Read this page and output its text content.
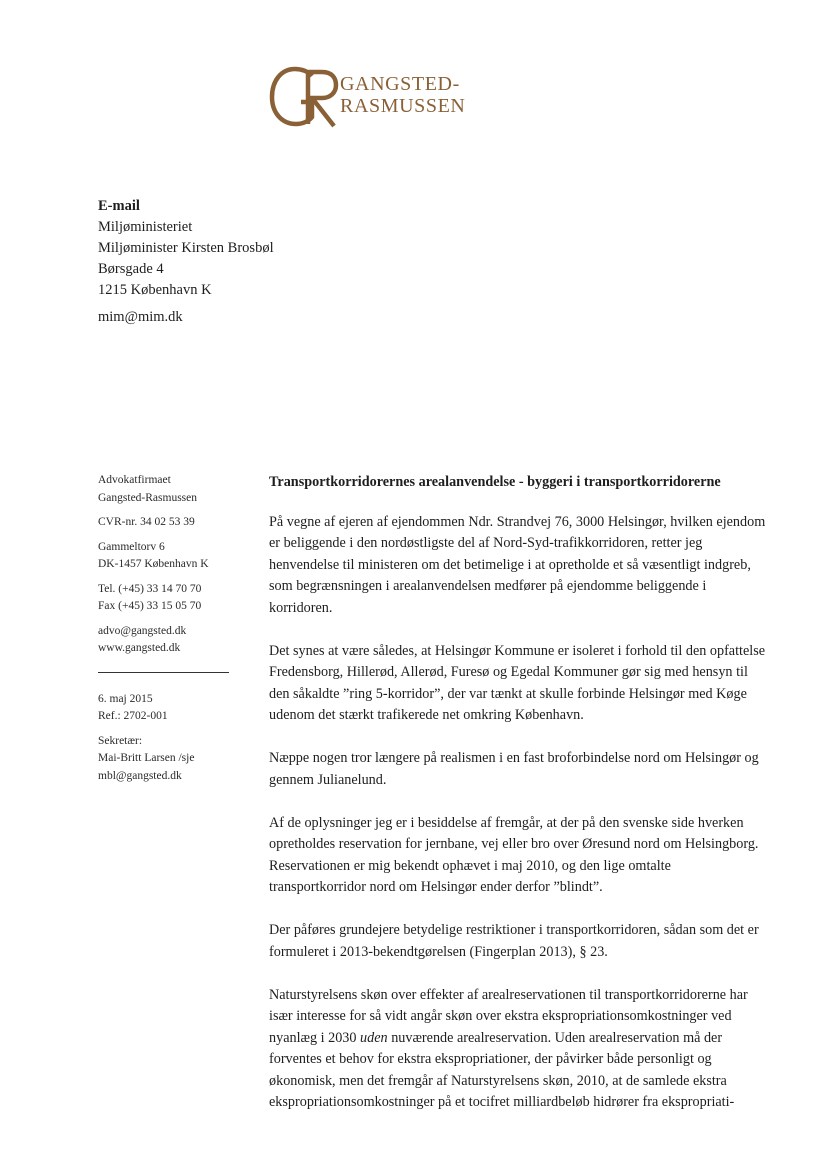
GANGSTED-
RASMUSSEN
E-mail
Miljøministeriet
Miljøminister Kirsten Brosbøl
Børsgade 4
1215 København K
mim@mim.dk
Advokatfirmaet
Gangsted-Rasmussen
CVR-nr. 34 02 53 39
Gammeltorv 6
DK-1457 København K
Tel. (+45) 33 14 70 70
Fax (+45) 33 15 05 70
advo@gangsted.dk
www.gangsted.dk
6. maj 2015
Ref.: 2702-001
Sekretær:
Mai-Britt Larsen /sje
mbl@gangsted.dk
Transportkorridorernes arealanvendelse - byggeri i transportkorridorerne

På vegne af ejeren af ejendommen Ndr. Strandvej 76, 3000 Helsingør, hvilken ejendom er beliggende i den nordøstligste del af Nord-Syd-trafikkorridoren, retter jeg henvendelse til ministeren om det betimelige i at opretholde et så væsentligt indgreb, som begrænsningen i arealanvendelsen medfører på ejendomme beliggende i korridoren.

Det synes at være således, at Helsingør Kommune er isoleret i forhold til den opfattelse Fredensborg, Hillerød, Allerød, Furesø og Egedal Kommuner gør sig med hensyn til den såkaldte ”ring 5-korridor”, der var tænkt at skulle forbinde Helsingør med Køge udenom det stærkt trafikerede net omkring København.

Næppe nogen tror længere på realismen i en fast broforbindelse nord om Helsingør og gennem Julianelund.

Af de oplysninger jeg er i besiddelse af fremgår, at der på den svenske side hverken opretholdes reservation for jernbane, vej eller bro over Øresund nord om Helsingborg. Reservationen er mig bekendt ophævet i maj 2010, og den lige omtalte transportkorridor nord om Helsingør ender derfor ”blindt”.

Der påføres grundejere betydelige restriktioner i transportkorridoren, sådan som det er formuleret i 2013-bekendtgørelsen (Fingerplan 2013), § 23.

Naturstyrelsens skøn over effekter af arealreservationen til transportkorridorerne har især interesse for så vidt angår skøn over ekstra ekspropriationsomkostninger ved nyanlæg i 2030 uden nuværende arealreservation. Uden arealreservation må der forventes et behov for ekstra ekspropriationer, der påvirker både personligt og økonomisk, men det fremgår af Naturstyrelsens skøn, 2010, at de samlede ekstra ekspropriationsomkostninger på et tocifret milliardbeløb hidrører fra ekspropriati-
